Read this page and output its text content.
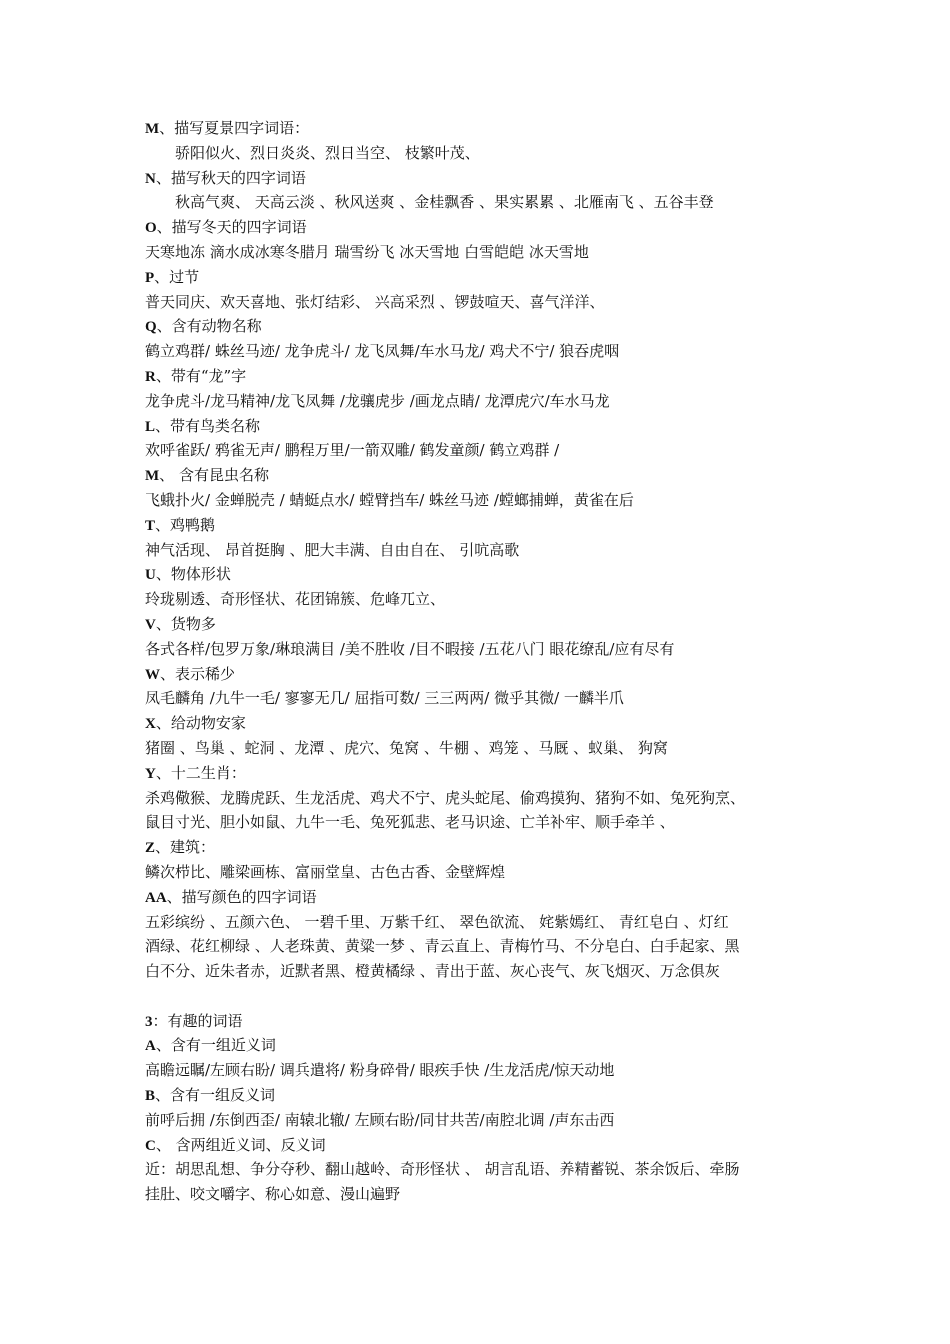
M、描写夏景四字词语：
骄阳似火、烈日炎炎、烈日当空、 枝繁叶茂、
N、描写秋天的四字词语
秋高气爽、 天高云淡 、秋风送爽 、金桂飘香 、果实累累 、北雁南飞 、五谷丰登
O、描写冬天的四字词语
天寒地冻 滴水成冰寒冬腊月 瑞雪纷飞 冰天雪地 白雪皑皑 冰天雪地
P、过节
普天同庆、欢天喜地、张灯结彩、 兴高采烈 、锣鼓喧天、喜气洋洋、
Q、含有动物名称
鹤立鸡群/ 蛛丝马迹/ 龙争虎斗/ 龙飞凤舞/车水马龙/ 鸡犬不宁/ 狼吞虎咽
R、带有“龙”字
龙争虎斗/龙马精神/龙飞凤舞 /龙骧虎步 /画龙点睛/ 龙潭虎穴/车水马龙
L、带有鸟类名称
欢呼雀跃/ 鸦雀无声/ 鹏程万里/一箭双雕/ 鹤发童颜/ 鹤立鸡群 /
M、 含有昆虫名称
飞蛾扑火/ 金蝉脱壳 / 蜻蜓点水/ 螳臂挡车/ 蛛丝马迹 /螳螂捕蝉，黄雀在后
T、鸡鸭鹅
神气活现、 昂首挺胸 、肥大丰满、自由自在、 引吭高歌
U、物体形状
玲珑剔透、奇形怪状、花团锦簇、危峰兀立、
V、货物多
各式各样/包罗万象/琳琅满目 /美不胜收 /目不暇接 /五花八门 眼花缭乱/应有尽有
W、表示稀少
凤毛麟角 /九牛一毛/ 寥寥无几/ 屈指可数/ 三三两两/ 微乎其微/ 一麟半爪
X、给动物安家
猪圈 、鸟巢 、蛇洞 、龙潭 、虎穴、兔窝 、牛棚 、鸡笼 、马厩 、蚁巢、 狗窝
Y、十二生肖：
杀鸡儆猴、龙腾虎跃、生龙活虎、鸡犬不宁、虎头蛇尾、偷鸡摸狗、猪狗不如、兔死狗烹、
鼠目寸光、胆小如鼠、九牛一毛、兔死狐悲、老马识途、亡羊补牢、顺手牵羊 、
Z、建筑：
鳞次栉比、雕梁画栋、富丽堂皇、古色古香、金壁辉煌
AA、描写颜色的四字词语
五彩缤纷 、五颜六色、 一碧千里、万紫千红、 翠色欲流、 姹紫嫣红、 青红皂白 、灯红
酒绿、花红柳绿 、人老珠黄、黄粱一梦 、青云直上、青梅竹马、不分皂白、白手起家、黑
白不分、近朱者赤，近默者黑、橙黄橘绿 、青出于蓝、灰心丧气、灰飞烟灭、万念俱灰
3：有趣的词语
A、含有一组近义词
高瞻远瞩/左顾右盼/ 调兵遣将/ 粉身碎骨/ 眼疾手快 /生龙活虎/惊天动地
B、含有一组反义词
前呼后拥 /东倒西歪/ 南辕北辙/ 左顾右盼/同甘共苦/南腔北调 /声东击西
C、 含两组近义词、反义词
近：胡思乱想、争分夺秒、翻山越岭、奇形怪状 、 胡言乱语、养精蓄锐、茶余饭后、牵肠
挂肚、咬文嚼字、称心如意、漫山遍野
